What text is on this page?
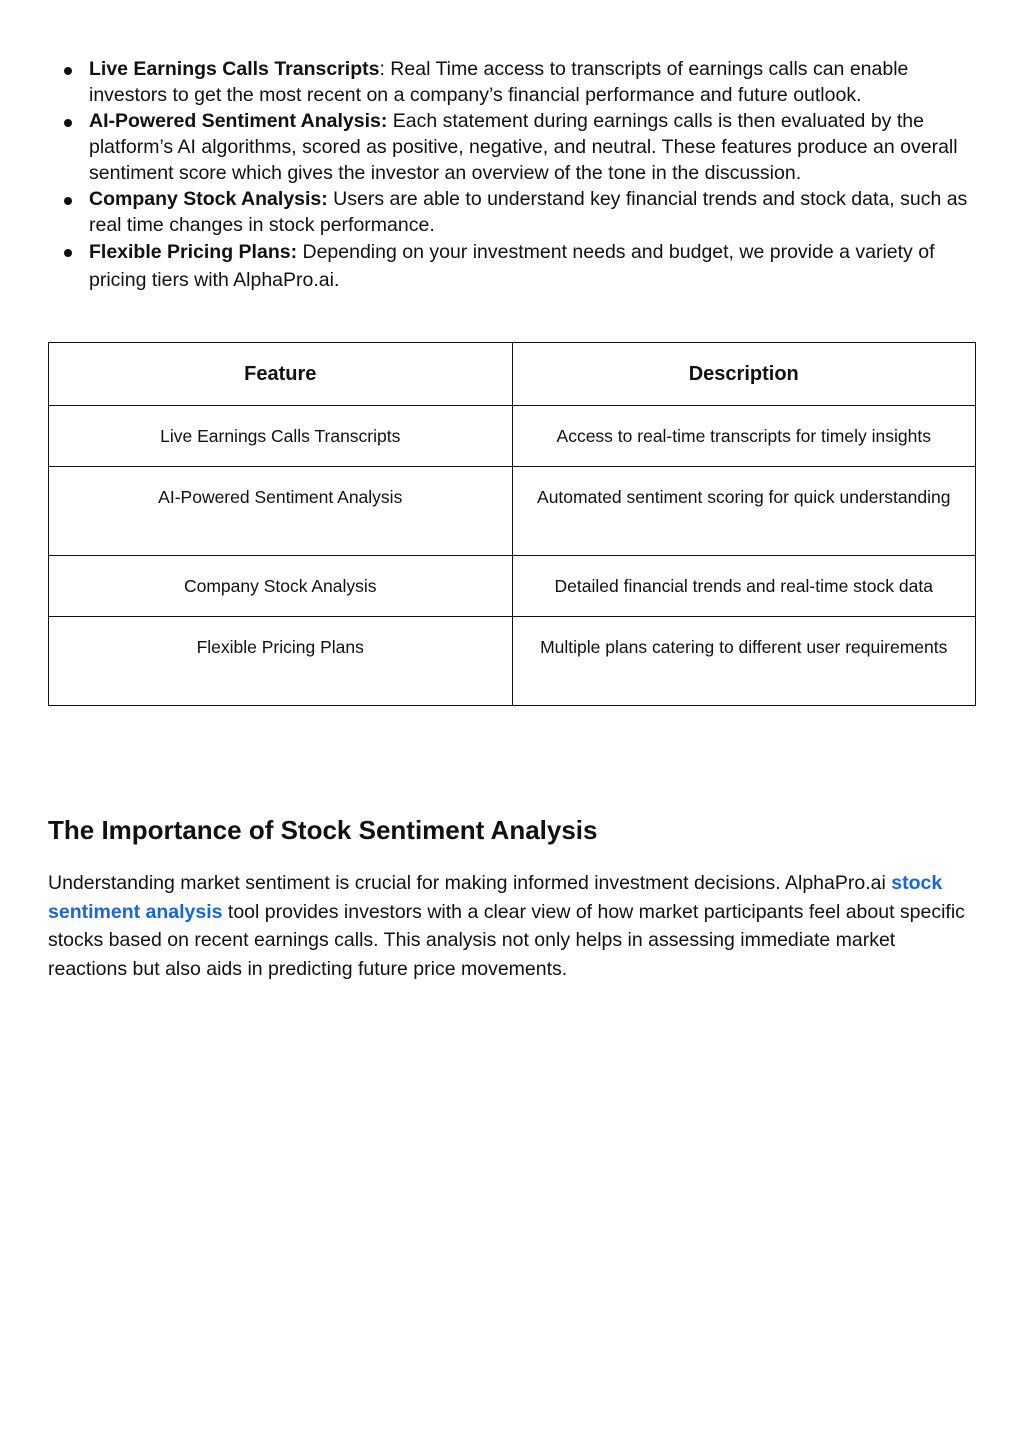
Live Earnings Calls Transcripts: Real Time access to transcripts of earnings calls can enable investors to get the most recent on a company’s financial performance and future outlook.
AI-Powered Sentiment Analysis: Each statement during earnings calls is then evaluated by the platform’s AI algorithms, scored as positive, negative, and neutral. These features produce an overall sentiment score which gives the investor an overview of the tone in the discussion.
Company Stock Analysis: Users are able to understand key financial trends and stock data, such as real time changes in stock performance.
Flexible Pricing Plans: Depending on your investment needs and budget, we provide a variety of pricing tiers with AlphaPro.ai.
Feature	Description
Live Earnings Calls Transcripts	Access to real-time transcripts for timely insights
AI-Powered Sentiment Analysis	Automated sentiment scoring for quick understanding
Company Stock Analysis	Detailed financial trends and real-time stock data
Flexible Pricing Plans	Multiple plans catering to different user requirements
The Importance of Stock Sentiment Analysis

Understanding market sentiment is crucial for making informed investment decisions. AlphaPro.ai stock sentiment analysis tool provides investors with a clear view of how market participants feel about specific stocks based on recent earnings calls. This analysis not only helps in assessing immediate market reactions but also aids in predicting future price movements.
